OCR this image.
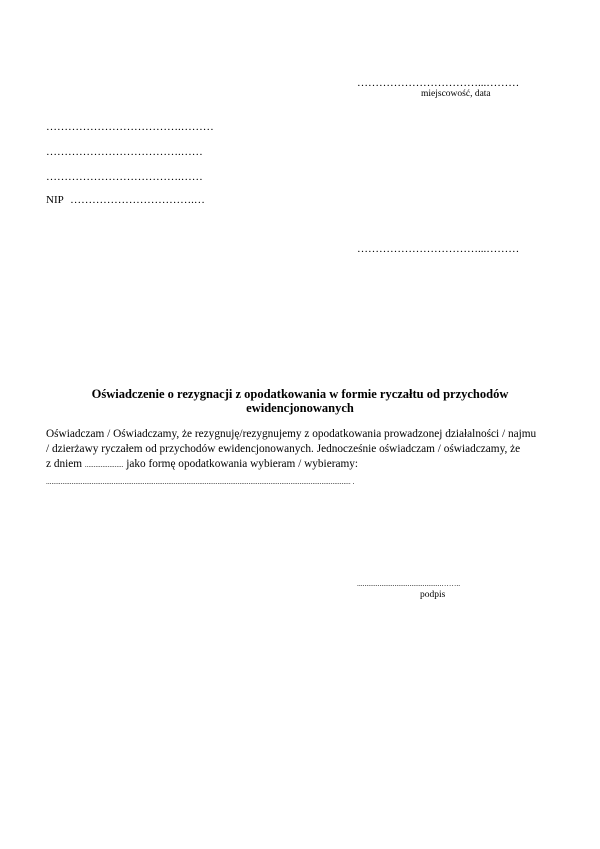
……………………………...………
miejscowość, data
……………………………….………
……………………………….……
……………………………….……
NIP …………………………….…
……………………………...………
Oświadczenie o rezygnacji z opodatkowania w formie ryczałtu od przychodów
ewidencjonowanych
Oświadczam / Oświadczamy, że rezygnuję/rezygnujemy z opodatkowania prowadzonej działalności / najmu
/ dzierżawy ryczałem od przychodów ewidencjonowanych. Jednocześnie oświadczam / oświadczamy, że
z dniem ...................... jako formę opodatkowania wybieram / wybieramy:
....................................................................................................................................................................... .
.............................................……..
podpis
